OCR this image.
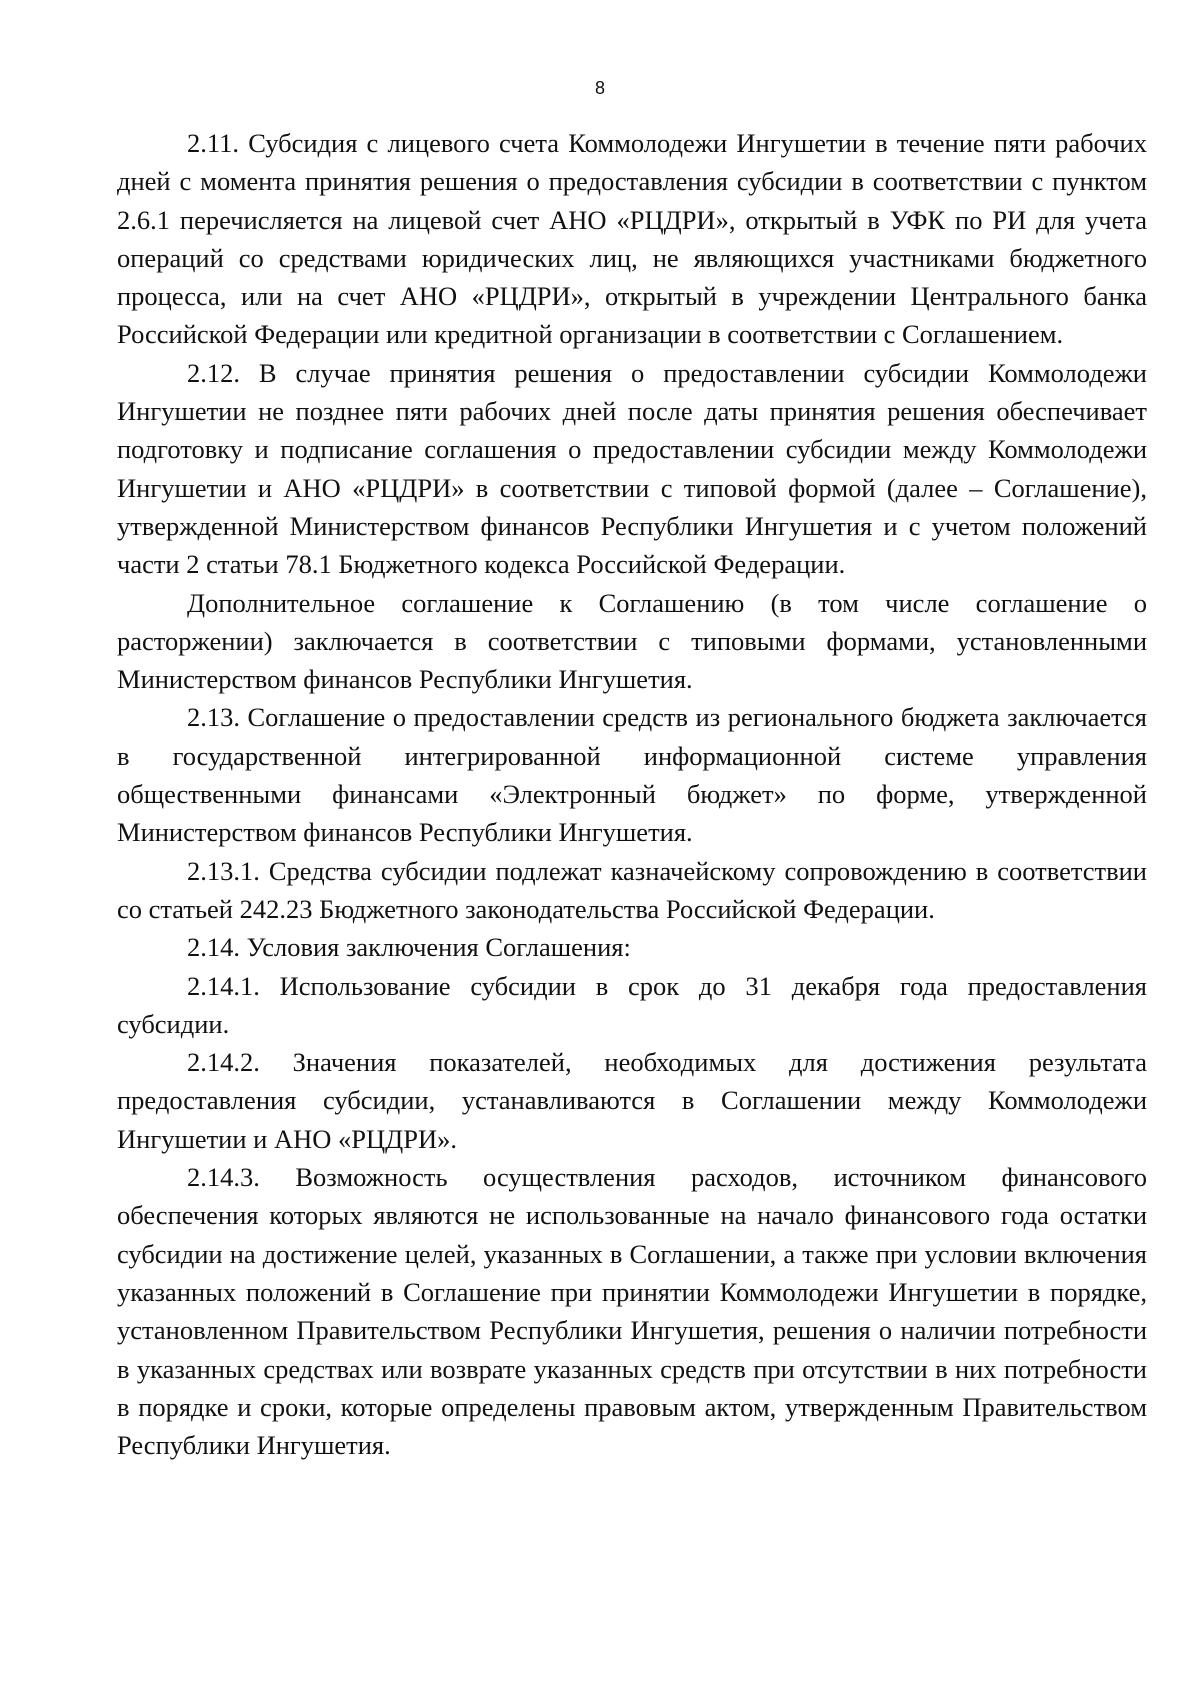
8

2.11. Субсидия с лицевого счета Коммолодежи Ингушетии в течение пяти рабочих дней с момента принятия решения о предоставления субсидии в соответствии с пунктом 2.6.1 перечисляется на лицевой счет АНО «РЦДРИ», открытый в УФК по РИ для учета операций со средствами юридических лиц, не являющихся участниками бюджетного процесса, или на счет АНО «РЦДРИ», открытый в учреждении Центрального банка Российской Федерации или кредитной организации в соответствии с Соглашением.

2.12. В случае принятия решения о предоставлении субсидии Коммолодежи Ингушетии не позднее пяти рабочих дней после даты принятия решения обеспечивает подготовку и подписание соглашения о предоставлении субсидии между Коммолодежи Ингушетии и АНО «РЦДРИ» в соответствии с типовой формой (далее – Соглашение), утвержденной Министерством финансов Республики Ингушетия и с учетом положений части 2 статьи 78.1 Бюджетного кодекса Российской Федерации.

Дополнительное соглашение к Соглашению (в том числе соглашение о расторжении) заключается в соответствии с типовыми формами, установленными Министерством финансов Республики Ингушетия.

2.13. Соглашение о предоставлении средств из регионального бюджета заключается в государственной интегрированной информационной системе управления общественными финансами «Электронный бюджет» по форме, утвержденной Министерством финансов Республики Ингушетия.

2.13.1. Средства субсидии подлежат казначейскому сопровождению в соответствии со статьей 242.23 Бюджетного законодательства Российской Федерации.

2.14. Условия заключения Соглашения:

2.14.1. Использование субсидии в срок до 31 декабря года предоставления субсидии.

2.14.2. Значения показателей, необходимых для достижения результата предоставления субсидии, устанавливаются в Соглашении между Коммолодежи Ингушетии и АНО «РЦДРИ».

2.14.3. Возможность осуществления расходов, источником финансового обеспечения которых являются не использованные на начало финансового года остатки субсидии на достижение целей, указанных в Соглашении, а также при условии включения указанных положений в Соглашение при принятии Коммолодежи Ингушетии в порядке, установленном Правительством Республики Ингушетия, решения о наличии потребности в указанных средствах или возврате указанных средств при отсутствии в них потребности в порядке и сроки, которые определены правовым актом, утвержденным Правительством Республики Ингушетия.
